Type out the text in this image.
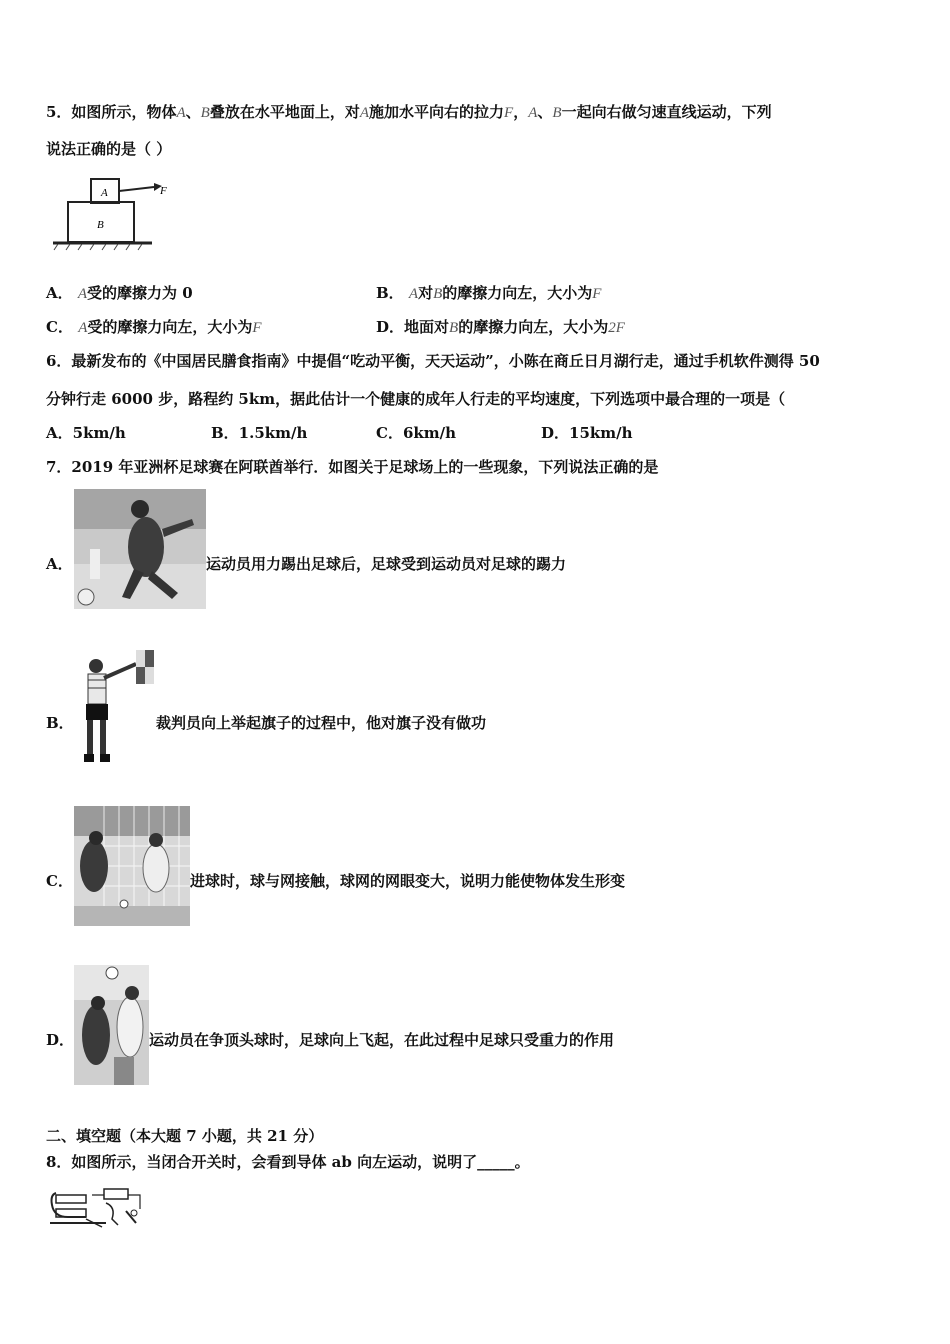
5．如图所示，物体A、B叠放在水平地面上，对A施加水平向右的拉力F，A、B一起向右做匀速直线运动，下列
说法正确的是（ ）
A
B
F
A． A受的摩擦力为 0	B． A对B的摩擦力向左，大小为F
C． A受的摩擦力向左，大小为F	D．地面对B的摩擦力向左，大小为2F
6．最新发布的《中国居民膳食指南》中提倡“吃动平衡，天天运动”，小陈在商丘日月湖行走，通过手机软件测得 50
分钟行走 6000 步，路程约 5km，据此估计一个健康的成年人行走的平均速度，下列选项中最合理的一项是（
A．5km/h	B．1.5km/h	C．6km/h	D．15km/h
7．2019 年亚洲杯足球赛在阿联酋举行．如图关于足球场上的一些现象，下列说法正确的是
A．	运动员用力踢出足球后，足球受到运动员对足球的踢力
B．	裁判员向上举起旗子的过程中，他对旗子没有做功
C．	进球时，球与网接触，球网的网眼变大，说明力能使物体发生形变
D．	运动员在争顶头球时，足球向上飞起，在此过程中足球只受重力的作用
二、填空题（本大题 7 小题，共 21 分）
8．如图所示，当闭合开关时，会看到导体 ab 向左运动，说明了_____。
